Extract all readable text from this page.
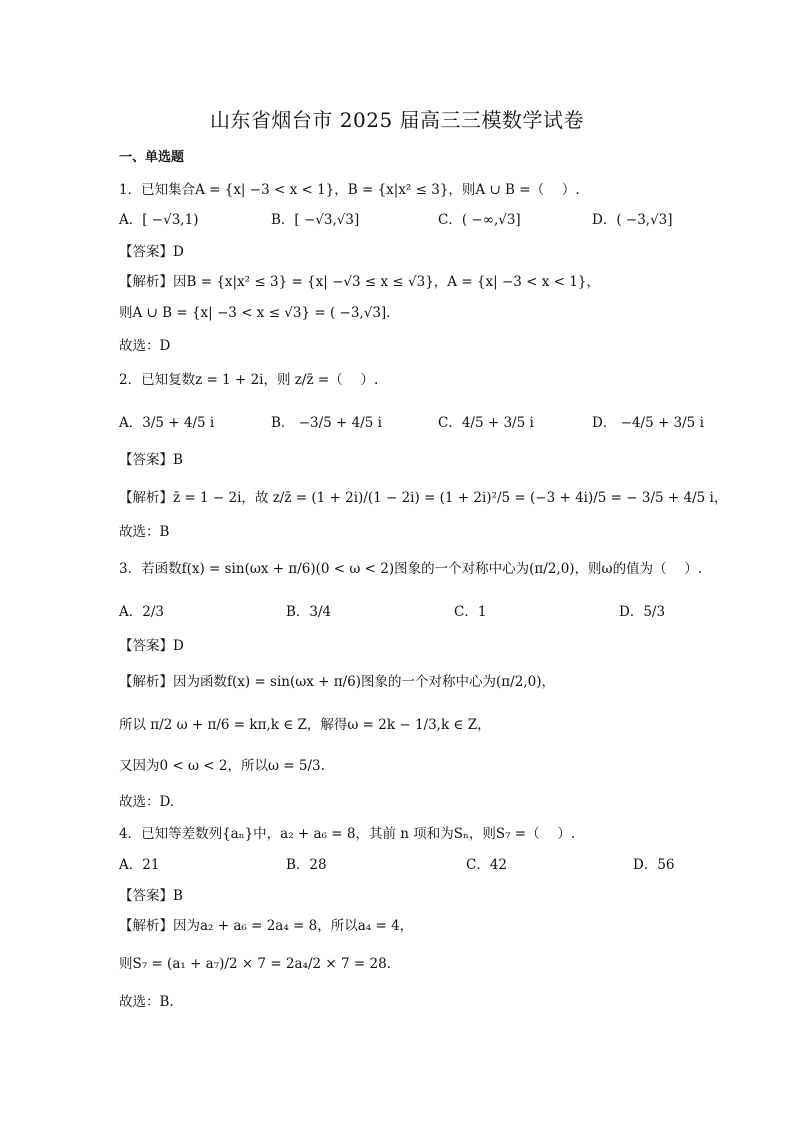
山东省烟台市 2025 届高三三模数学试卷
一、单选题
1．已知集合A = {x| −3 < x < 1}，B = {x|x² ≤ 3}，则A ∪ B =（　 ）.
A．[ −√3,1)	B．[ −√3,√3]	C．( −∞,√3]	D．( −3,√3]
【答案】D
【解析】因B = {x|x² ≤ 3} = {x| −√3 ≤ x ≤ √3}，A = {x| −3 < x < 1}，
则A ∪ B = {x| −3 < x ≤ √3} = ( −3,√3].
故选：D
2．已知复数z = 1 + 2i，则 z/z̄ =（　 ）.
A．3/5 + 4/5 i	B． −3/5 + 4/5 i	C．4/5 + 3/5 i	D． −4/5 + 3/5 i
【答案】B
【解析】z̄ = 1 − 2i，故 z/z̄ = (1 + 2i)/(1 − 2i) = (1 + 2i)²/5 = (−3 + 4i)/5 = − 3/5 + 4/5 i，
故选：B
3．若函数f(x) = sin(ωx + π/6)(0 < ω < 2)图象的一个对称中心为(π/2,0)，则ω的值为（　 ）.
A．2/3	B．3/4	C．1	D．5/3
【答案】D
【解析】因为函数f(x) = sin(ωx + π/6)图象的一个对称中心为(π/2,0)，
所以 π/2 ω + π/6 = kπ,k ∈ Z，解得ω = 2k − 1/3,k ∈ Z，
又因为0 < ω < 2，所以ω = 5/3.
故选：D.
4．已知等差数列{aₙ}中，a₂ + a₆ = 8，其前 n 项和为Sₙ，则S₇ =（　 ）.
A．21	B．28	C．42	D．56
【答案】B
【解析】因为a₂ + a₆ = 2a₄ = 8，所以a₄ = 4，
则S₇ = (a₁ + a₇)/2 × 7 = 2a₄/2 × 7 = 28.
故选：B.
